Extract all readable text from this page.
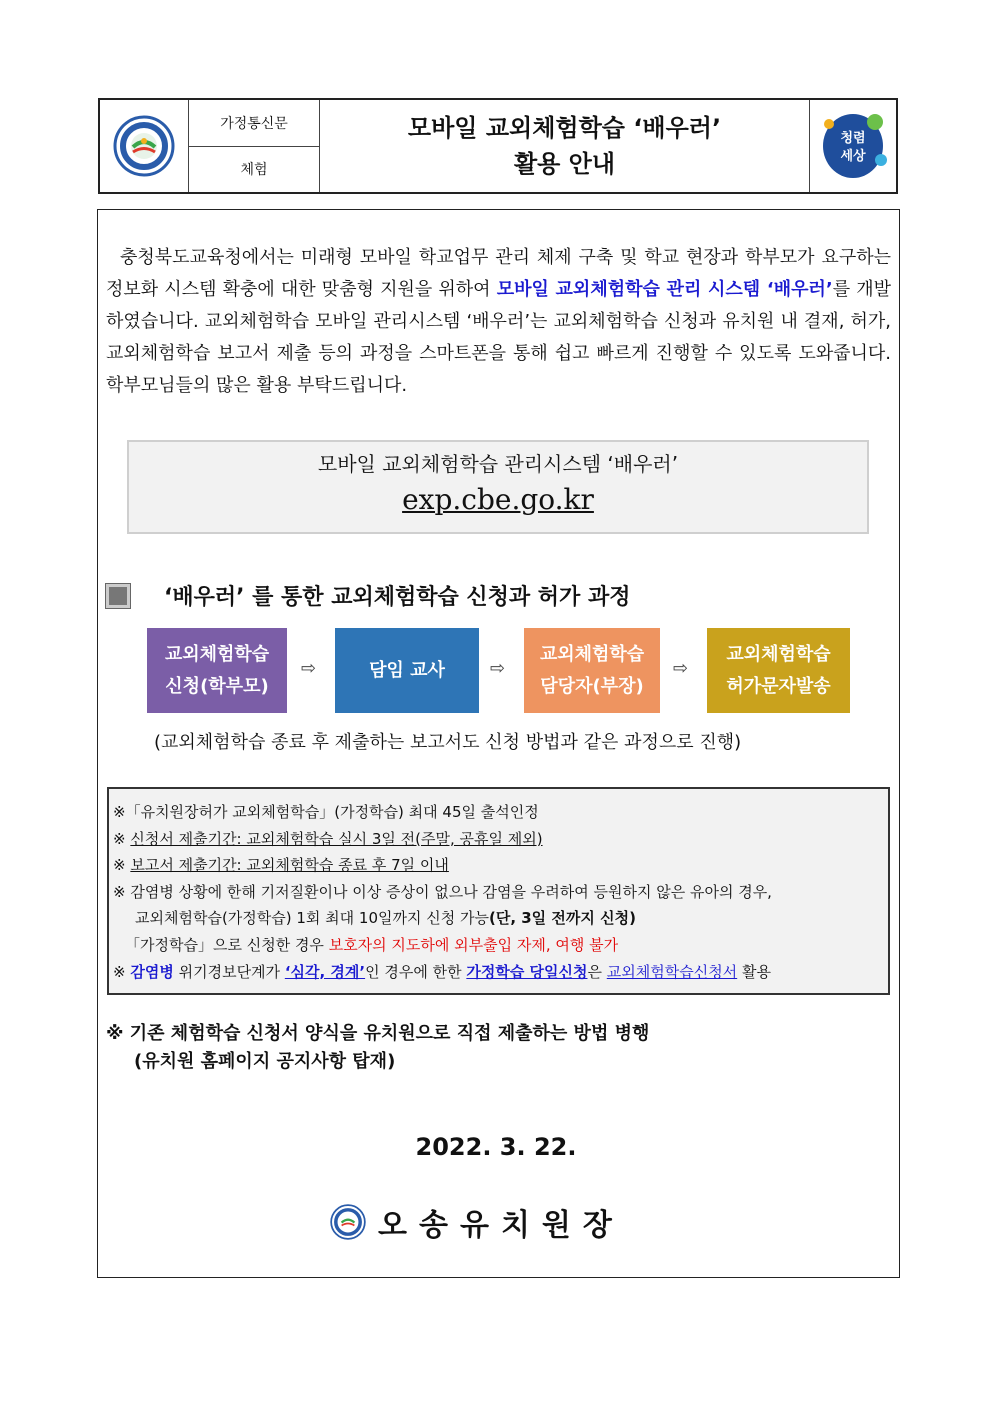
가정통신문
체험
모바일 교외체험학습 ‘배우러’
활용 안내
청렴
세상
충청북도교육청에서는 미래형 모바일 학교업무 관리 체제 구축 및 학교 현장과 학부모가 요구하는 정보화 시스템 확충에 대한 맞춤형 지원을 위하여 모바일 교외체험학습 관리 시스템 ‘배우러’를 개발하였습니다. 교외체험학습 모바일 관리시스템 ‘배우러’는 교외체험학습 신청과 유치원 내 결재, 허가, 교외체험학습 보고서 제출 등의 과정을 스마트폰을 통해 쉽고 빠르게 진행할 수 있도록 도와줍니다. 학부모님들의 많은 활용 부탁드립니다.
모바일 교외체험학습 관리시스템 ‘배우러’
exp.cbe.go.kr
‘배우러’ 를 통한 교외체험학습 신청과 허가 과정
교외체험학습
신청(학부모)
⇨	담임 교사	⇨
교외체험학습
담당자(부장)
⇨
교외체험학습
허가문자발송
(교외체험학습 종료 후 제출하는 보고서도 신청 방법과 같은 과정으로 진행)
※「유치원장허가 교외체험학습」(가정학습) 최대 45일 출석인정
※ 신청서 제출기간: 교외체험학습 실시 3일 전(주말, 공휴일 제외)
※ 보고서 제출기간: 교외체험학습 종료 후 7일 이내
※ 감염병 상황에 한해 기저질환이나 이상 증상이 없으나 감염을 우려하여 등원하지 않은 유아의 경우,
교외체험학습(가정학습) 1회 최대 10일까지 신청 가능(단, 3일 전까지 신청)
「가정학습」으로 신청한 경우 보호자의 지도하에 외부출입 자제, 여행 불가
※ 감염병 위기경보단계가 ‘심각, 경계’인 경우에 한한 가정학습 당일신청은 교외체험학습신청서 활용
※ 기존 체험학습 신청서 양식을 유치원으로 직접 제출하는 방법 병행
(유치원 홈페이지 공지사항 탑재)
2022. 3. 22.
오송유치원장
